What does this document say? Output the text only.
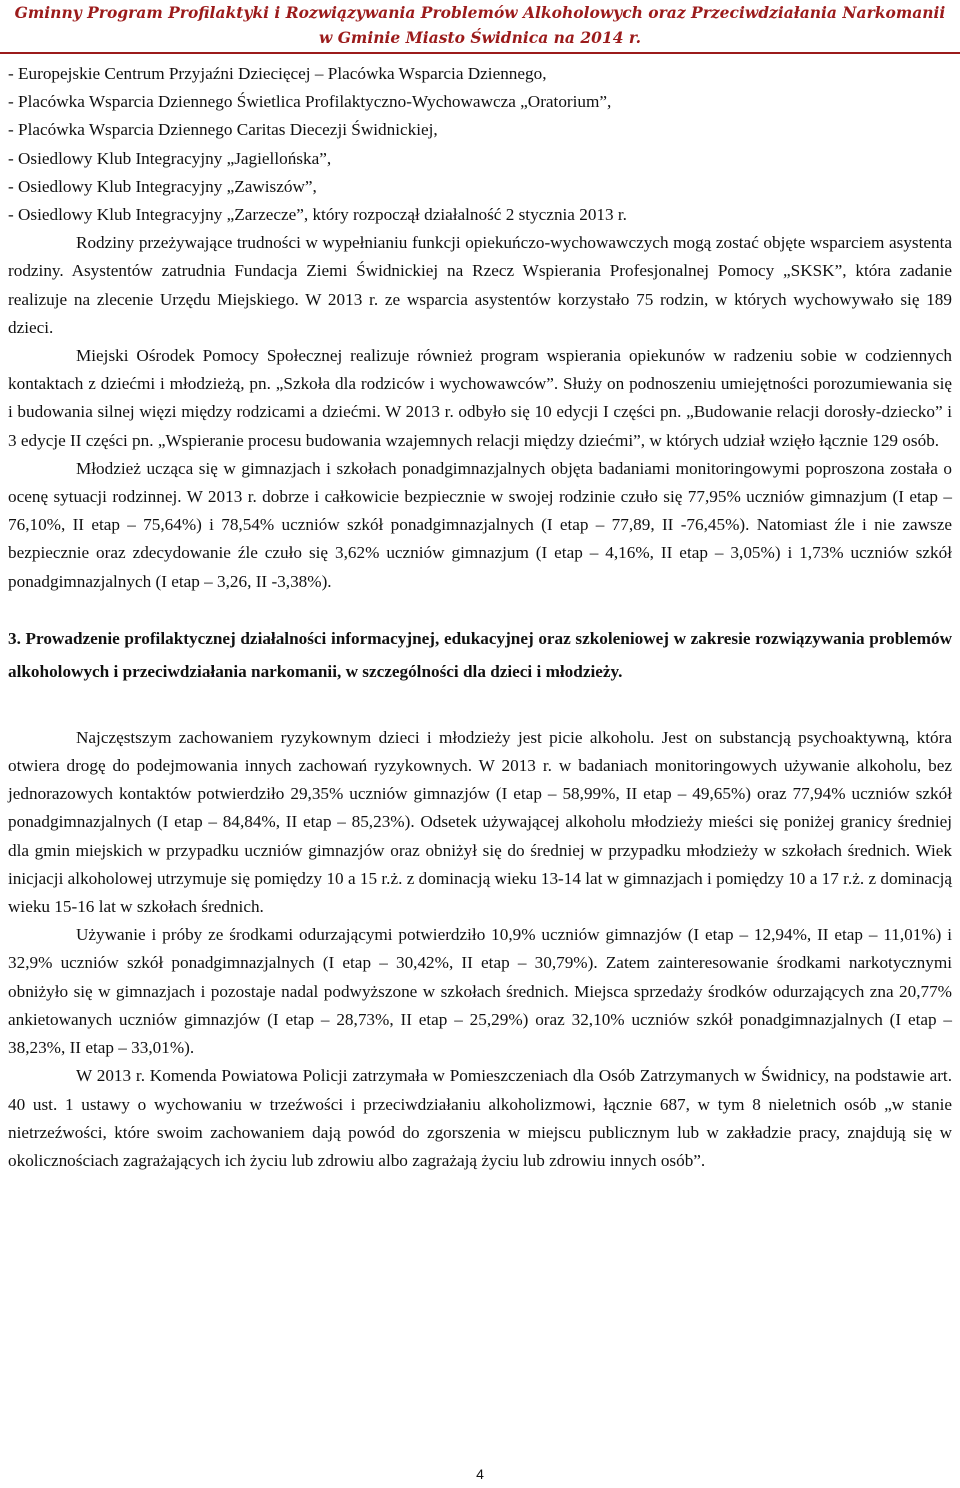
Gminny Program Profilaktyki i Rozwiązywania Problemów Alkoholowych oraz Przeciwdziałania Narkomanii
w Gminie Miasto Świdnica na 2014 r.

- Europejskie Centrum Przyjaźni Dziecięcej – Placówka Wsparcia Dziennego,

- Placówka Wsparcia Dziennego Świetlica Profilaktyczno-Wychowawcza „Oratorium”,

- Placówka Wsparcia Dziennego Caritas Diecezji Świdnickiej,

- Osiedlowy Klub Integracyjny „Jagiellońska”,

- Osiedlowy Klub Integracyjny „Zawiszów”,

- Osiedlowy Klub Integracyjny „Zarzecze”, który rozpoczął działalność 2 stycznia 2013 r.

Rodziny przeżywające trudności w wypełnianiu funkcji opiekuńczo-wychowawczych mogą zostać objęte wsparciem asystenta rodziny. Asystentów zatrudnia Fundacja Ziemi Świdnickiej na Rzecz Wspierania Profesjonalnej Pomocy „SKSK”, która zadanie realizuje na zlecenie Urzędu Miejskiego. W 2013 r. ze wsparcia asystentów korzystało 75 rodzin, w których wychowywało się 189 dzieci.

Miejski Ośrodek Pomocy Społecznej realizuje również program wspierania opiekunów w radzeniu sobie w codziennych kontaktach z dziećmi i młodzieżą, pn. „Szkoła dla rodziców i wychowawców”. Służy on podnoszeniu umiejętności porozumiewania się i budowania silnej więzi między rodzicami a dziećmi. W 2013 r. odbyło się 10 edycji I części pn. „Budowanie relacji dorosły-dziecko” i 3 edycje II części pn. „Wspieranie procesu budowania wzajemnych relacji między dziećmi”, w których udział wzięło łącznie 129 osób.

Młodzież ucząca się w gimnazjach i szkołach ponadgimnazjalnych objęta badaniami monitoringowymi poproszona została o ocenę sytuacji rodzinnej. W 2013 r. dobrze i całkowicie bezpiecznie w swojej rodzinie czuło się 77,95% uczniów gimnazjum (I etap – 76,10%, II etap – 75,64%) i 78,54% uczniów szkół ponadgimnazjalnych (I etap – 77,89, II -76,45%). Natomiast źle i nie zawsze bezpiecznie oraz zdecydowanie źle czuło się 3,62% uczniów gimnazjum (I etap – 4,16%, II etap – 3,05%) i 1,73% uczniów szkół ponadgimnazjalnych (I etap – 3,26, II -3,38%).

3. Prowadzenie profilaktycznej działalności informacyjnej, edukacyjnej oraz szkoleniowej w zakresie rozwiązywania problemów alkoholowych i przeciwdziałania narkomanii, w szczególności dla dzieci i młodzieży.

Najczęstszym zachowaniem ryzykownym dzieci i młodzieży jest picie alkoholu. Jest on substancją psychoaktywną, która otwiera drogę do podejmowania innych zachowań ryzykownych. W 2013 r. w badaniach monitoringowych używanie alkoholu, bez jednorazowych kontaktów potwierdziło 29,35% uczniów gimnazjów (I etap – 58,99%, II etap – 49,65%) oraz 77,94% uczniów szkół ponadgimnazjalnych (I etap – 84,84%, II etap – 85,23%). Odsetek używającej alkoholu młodzieży mieści się poniżej granicy średniej dla gmin miejskich w przypadku uczniów gimnazjów oraz obniżył się do średniej w przypadku młodzieży w szkołach średnich. Wiek inicjacji alkoholowej utrzymuje się pomiędzy 10 a 15 r.ż. z dominacją wieku 13-14 lat w gimnazjach i pomiędzy 10 a 17 r.ż. z dominacją wieku 15-16 lat w szkołach średnich.

Używanie i próby ze środkami odurzającymi potwierdziło 10,9% uczniów gimnazjów (I etap – 12,94%, II etap – 11,01%) i 32,9% uczniów szkół ponadgimnazjalnych (I etap – 30,42%, II etap – 30,79%). Zatem zainteresowanie środkami narkotycznymi obniżyło się w gimnazjach i pozostaje nadal podwyższone w szkołach średnich. Miejsca sprzedaży środków odurzających zna 20,77% ankietowanych uczniów gimnazjów (I etap – 28,73%, II etap – 25,29%) oraz 32,10% uczniów szkół ponadgimnazjalnych (I etap – 38,23%, II etap – 33,01%).

W 2013 r. Komenda Powiatowa Policji zatrzymała w Pomieszczeniach dla Osób Zatrzymanych w Świdnicy, na podstawie art. 40 ust. 1 ustawy o wychowaniu w trzeźwości i przeciwdziałaniu alkoholizmowi, łącznie 687, w tym 8 nieletnich osób „w stanie nietrzeźwości, które swoim zachowaniem dają powód do zgorszenia w miejscu publicznym lub w zakładzie pracy, znajdują się w okolicznościach zagrażających ich życiu lub zdrowiu albo zagrażają życiu lub zdrowiu innych osób”.

4
